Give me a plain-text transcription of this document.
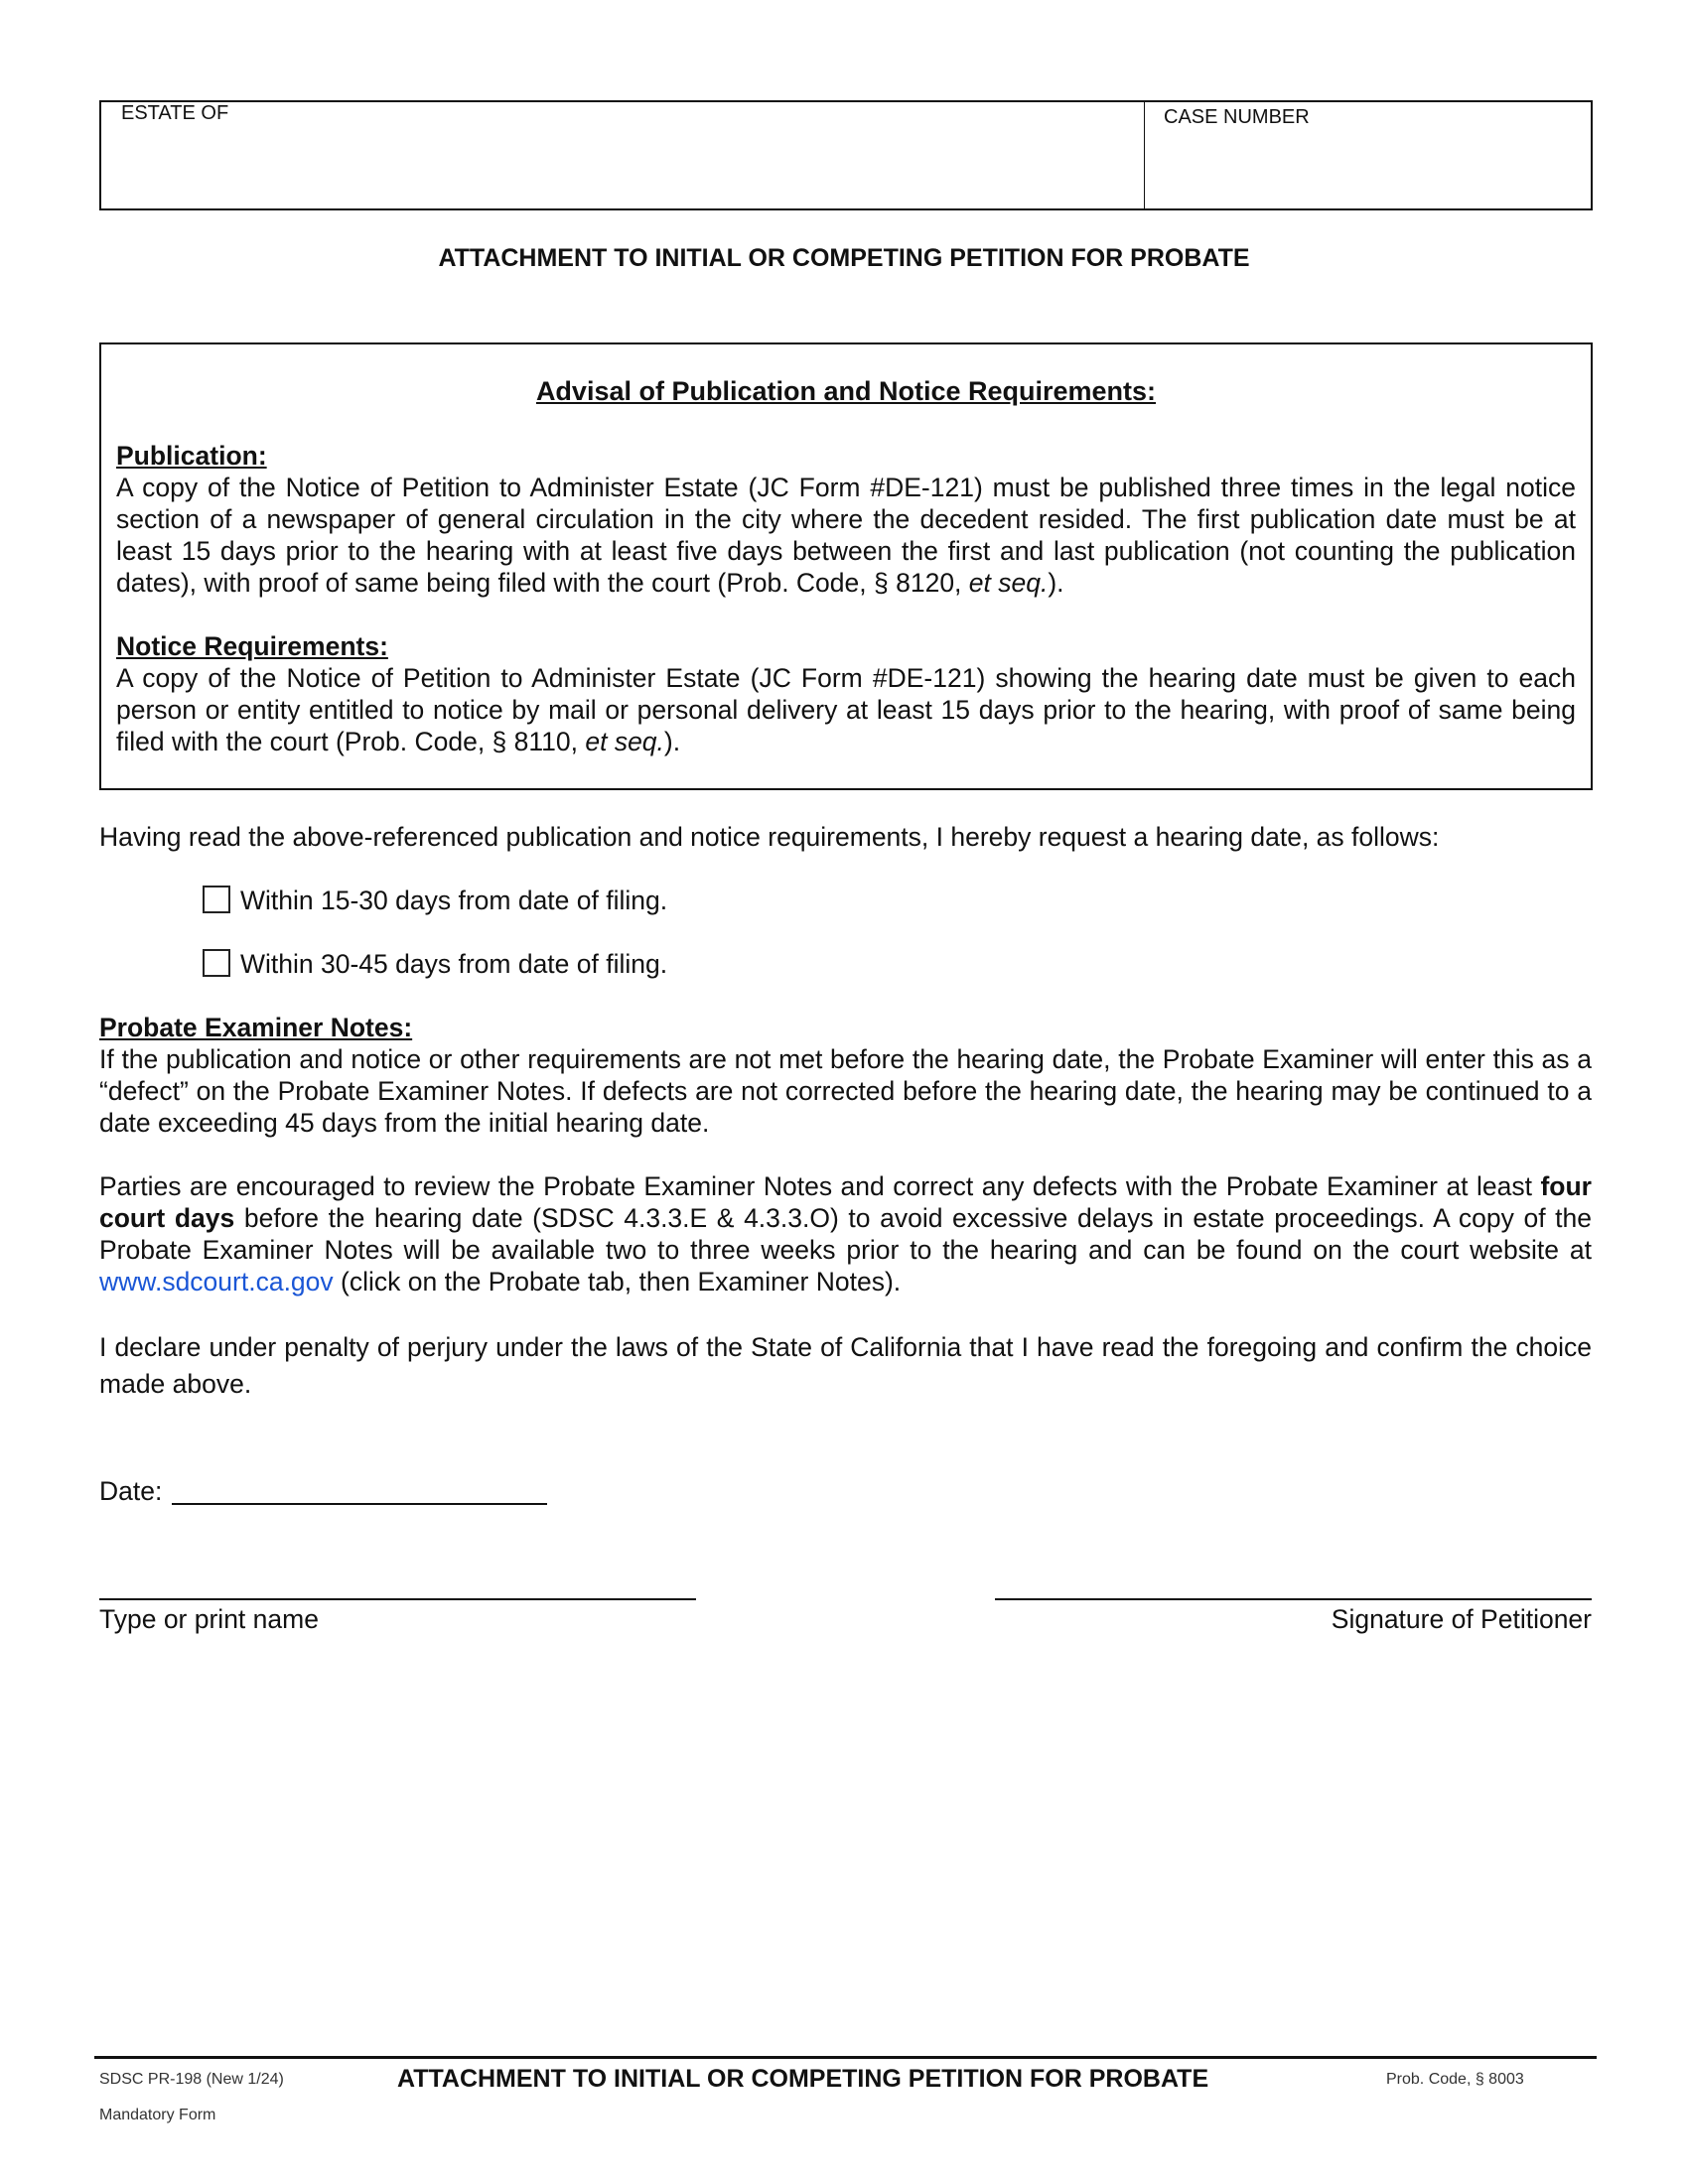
ESTATE OF	CASE NUMBER
ATTACHMENT TO INITIAL OR COMPETING PETITION FOR PROBATE
Advisal of Publication and Notice Requirements:
Publication:
A copy of the Notice of Petition to Administer Estate (JC Form #DE-121) must be published three times in the legal notice section of a newspaper of general circulation in the city where the decedent resided. The first publication date must be at least 15 days prior to the hearing with at least five days between the first and last publication (not counting the publication dates), with proof of same being filed with the court (Prob. Code, § 8120, et seq.).
Notice Requirements:
A copy of the Notice of Petition to Administer Estate (JC Form #DE-121) showing the hearing date must be given to each person or entity entitled to notice by mail or personal delivery at least 15 days prior to the hearing, with proof of same being filed with the court (Prob. Code, § 8110, et seq.).
Having read the above-referenced publication and notice requirements, I hereby request a hearing date, as follows:
Within 15-30 days from date of filing.
Within 30-45 days from date of filing.
Probate Examiner Notes:
If the publication and notice or other requirements are not met before the hearing date, the Probate Examiner will enter this as a “defect” on the Probate Examiner Notes. If defects are not corrected before the hearing date, the hearing may be continued to a date exceeding 45 days from the initial hearing date.
Parties are encouraged to review the Probate Examiner Notes and correct any defects with the Probate Examiner at least four court days before the hearing date (SDSC 4.3.3.E & 4.3.3.O) to avoid excessive delays in estate proceedings. A copy of the Probate Examiner Notes will be available two to three weeks prior to the hearing and can be found on the court website at www.sdcourt.ca.gov (click on the Probate tab, then Examiner Notes).
I declare under penalty of perjury under the laws of the State of California that I have read the foregoing and confirm the choice made above.
Date:
Type or print name	Signature of Petitioner
SDSC PR-198 (New 1/24)
Mandatory Form
ATTACHMENT TO INITIAL OR COMPETING PETITION FOR PROBATE	Prob. Code, § 8003
